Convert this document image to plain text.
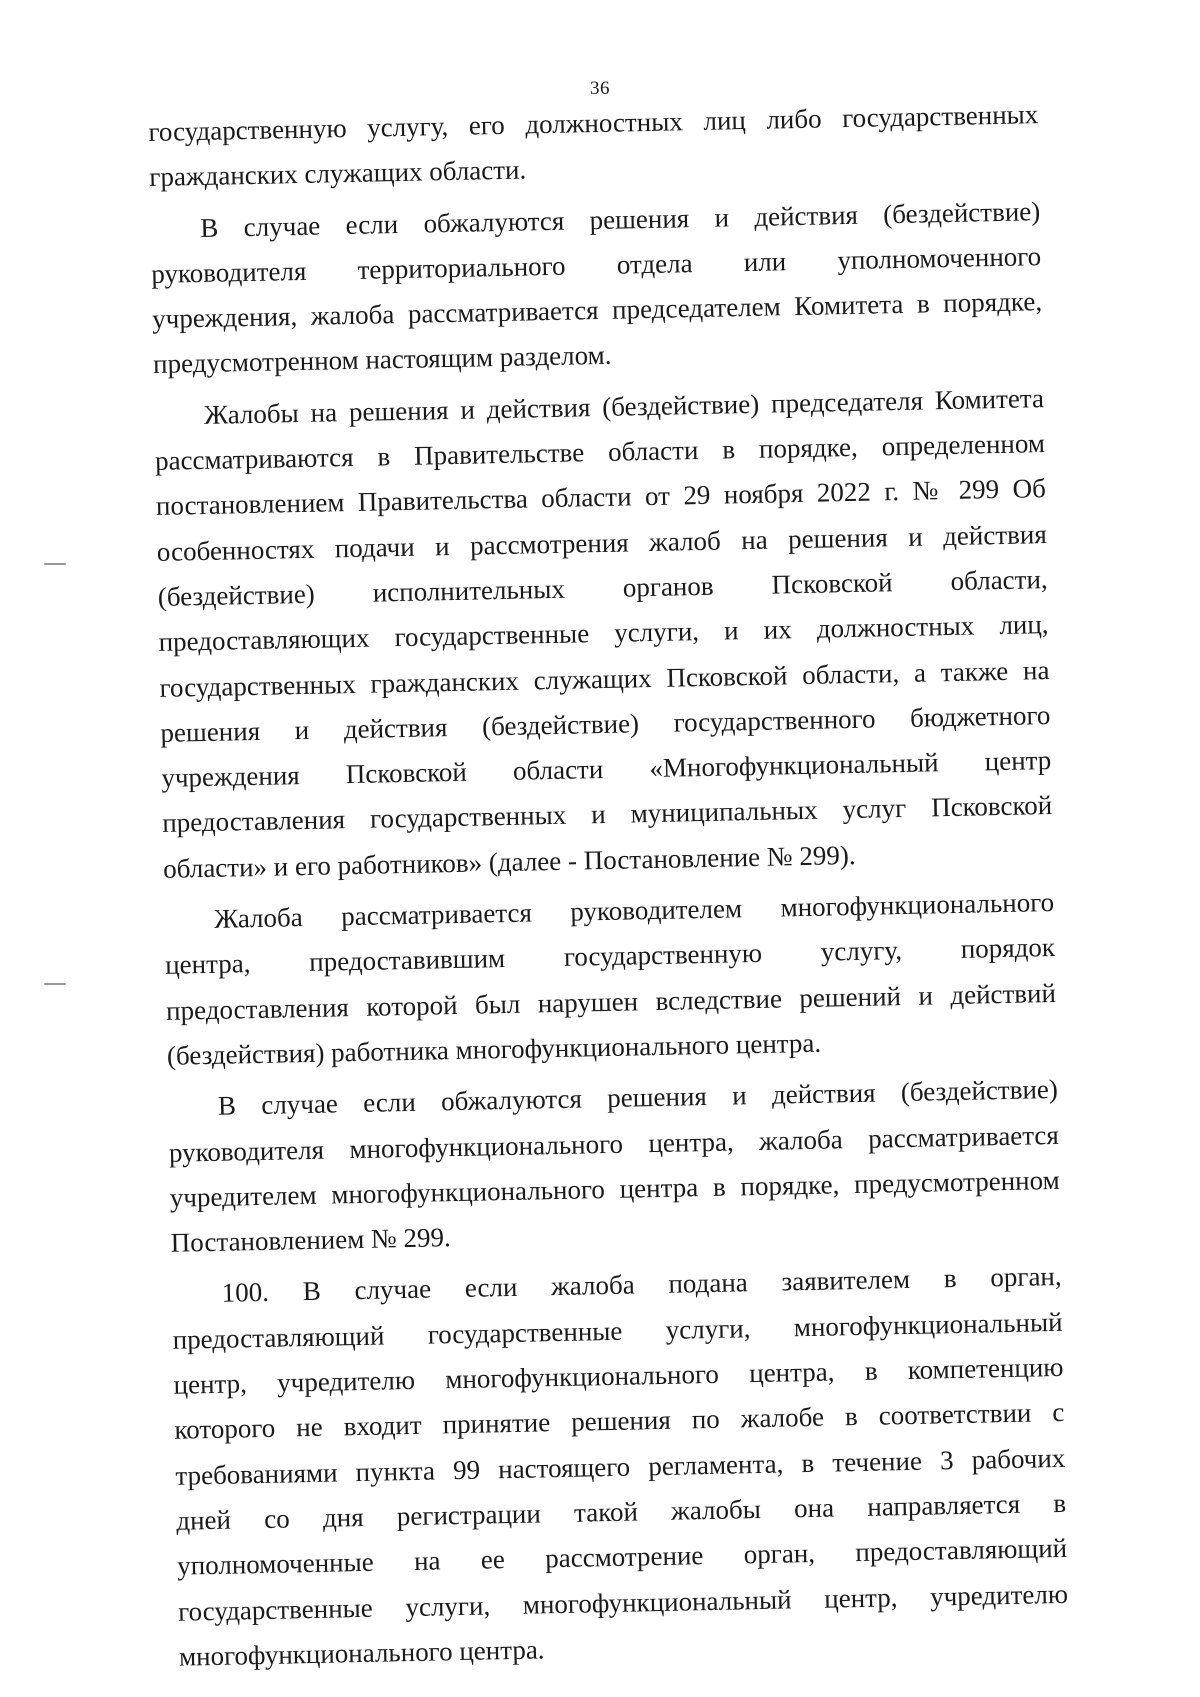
36
государственную услугу, его должностных лиц либо государственных
гражданских служащих области.
В случае если обжалуются решения и действия (бездействие)
руководителя территориального отдела или уполномоченного
учреждения, жалоба рассматривается председателем Комитета в порядке,
предусмотренном настоящим разделом.
Жалобы на решения и действия (бездействие) председателя Комитета
рассматриваются в Правительстве области в порядке, определенном
постановлением Правительства области от 29 ноября 2022 г. № 299 Об
особенностях подачи и рассмотрения жалоб на решения и действия
(бездействие) исполнительных органов Псковской области,
предоставляющих государственные услуги, и их должностных лиц,
государственных гражданских служащих Псковской области, а также на
решения и действия (бездействие) государственного бюджетного
учреждения Псковской области «Многофункциональный центр
предоставления государственных и муниципальных услуг Псковской
области» и его работников» (далее - Постановление № 299).
Жалоба рассматривается руководителем многофункционального
центра, предоставившим государственную услугу, порядок
предоставления которой был нарушен вследствие решений и действий
(бездействия) работника многофункционального центра.
В случае если обжалуются решения и действия (бездействие)
руководителя многофункционального центра, жалоба рассматривается
учредителем многофункционального центра в порядке, предусмотренном
Постановлением № 299.
100. В случае если жалоба подана заявителем в орган,
предоставляющий государственные услуги, многофункциональный
центр, учредителю многофункционального центра, в компетенцию
которого не входит принятие решения по жалобе в соответствии с
требованиями пункта 99 настоящего регламента, в течение 3 рабочих
дней со дня регистрации такой жалобы она направляется в
уполномоченные на ее рассмотрение орган, предоставляющий
государственные услуги, многофункциональный центр, учредителю
многофункционального центра.
